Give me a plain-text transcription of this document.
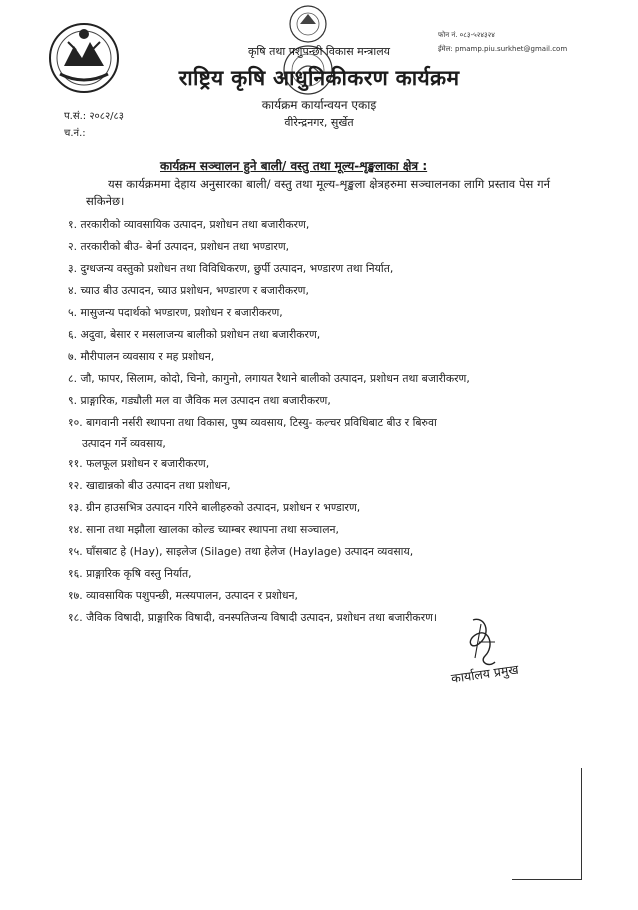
कृषि तथा पशुपन्छी विकास मन्त्रालय
राष्ट्रिय कृषि आधुनिकीकरण कार्यक्रम
कार्यक्रम कार्यान्वयन एकाइ
वीरेन्द्रनगर, सुर्खेत
फोन नं. ०८३-५२४३२४
ईमेल: pmamp.piu.surkhet@gmail.com
प.सं.: २०८२/८३
च.नं.:
कार्यक्रम सञ्चालन हुने बाली/ वस्तु तथा मूल्य-शृङ्खलाका क्षेत्र :

यस कार्यक्रममा देहाय अनुसारका बाली/ वस्तु तथा मूल्य-शृङ्खला क्षेत्रहरुमा सञ्चालनका लागि प्रस्ताव पेस गर्न सकिनेछ।

१. तरकारीको व्यावसायिक उत्पादन, प्रशोधन तथा बजारीकरण,
२. तरकारीको बीउ- बेर्ना उत्पादन, प्रशोधन तथा भण्डारण,
३. दुग्धजन्य वस्तुको प्रशोधन तथा विविधिकरण, छुर्पी उत्पादन, भण्डारण तथा निर्यात,
४. च्याउ बीउ उत्पादन, च्याउ प्रशोधन, भण्डारण र बजारीकरण,
५. मासुजन्य पदार्थको भण्डारण, प्रशोधन र बजारीकरण,
६. अदुवा, बेसार र मसलाजन्य बालीको प्रशोधन तथा बजारीकरण,
७. मौरीपालन व्यवसाय र मह प्रशोधन,
८. जौ, फापर, सिलाम, कोदो, चिनो, कागुनो, लगायत रैथाने बालीको उत्पादन, प्रशोधन तथा बजारीकरण,
९. प्राङ्गारिक, गड्यौली मल वा जैविक मल उत्पादन तथा बजारीकरण,
१०. बागवानी नर्सरी स्थापना तथा विकास, पुष्प व्यवसाय, टिस्यु- कल्चर प्रविधिबाट बीउ र बिरुवा
उत्पादन गर्ने व्यवसाय,
११. फलफूल प्रशोधन र बजारीकरण,
१२. खाद्यान्नको बीउ उत्पादन तथा प्रशोधन,
१३. ग्रीन हाउसभित्र उत्पादन गरिने बालीहरुको उत्पादन, प्रशोधन र भण्डारण,
१४. साना तथा मझौला खालका कोल्ड च्याम्बर स्थापना तथा सञ्चालन,
१५. घाँसबाट हे (Hay), साइलेज (Silage) तथा हेलेज (Haylage) उत्पादन व्यवसाय,
१६. प्राङ्गारिक कृषि वस्तु निर्यात,
१७. व्यावसायिक पशुपन्छी, मत्स्यपालन, उत्पादन र प्रशोधन,
१८. जैविक विषादी, प्राङ्गारिक विषादी, वनस्पतिजन्य विषादी उत्पादन, प्रशोधन तथा बजारीकरण।
कार्यालय प्रमुख
